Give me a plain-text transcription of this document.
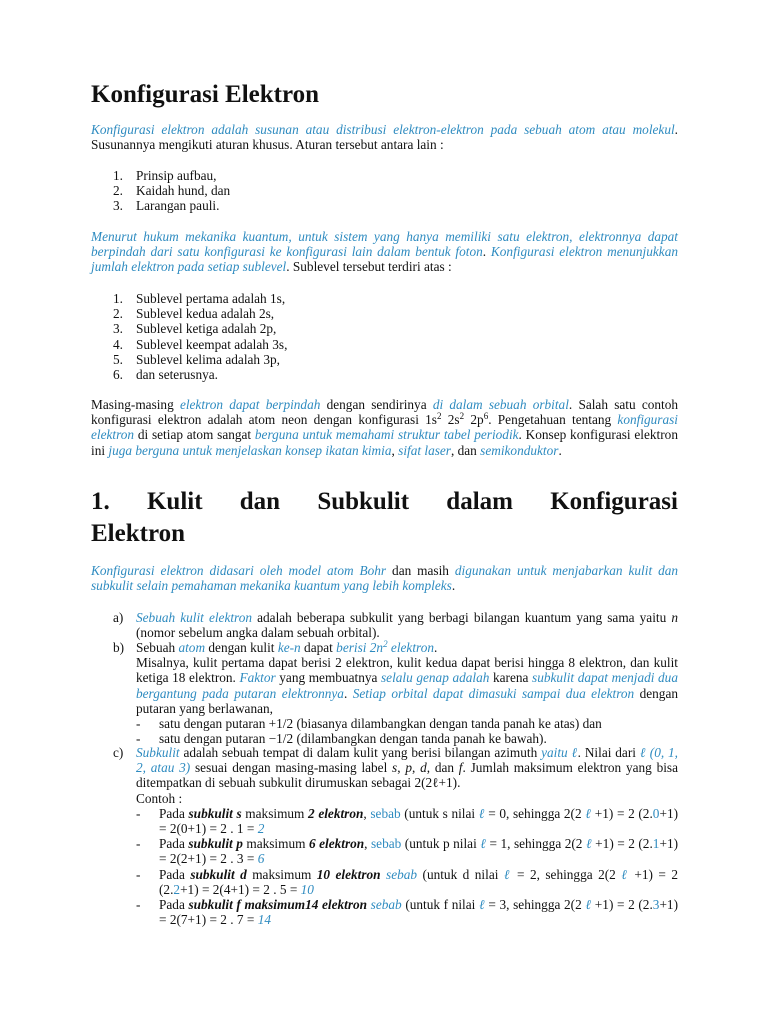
Konfigurasi Elektron

Konfigurasi elektron adalah susunan atau distribusi elektron-elektron pada sebuah atom atau molekul. Susunannya mengikuti aturan khusus. Aturan tersebut antara lain :

1. Prinsip aufbau,
2. Kaidah hund, dan
3. Larangan pauli.

Menurut hukum mekanika kuantum, untuk sistem yang hanya memiliki satu elektron, elektronnya dapat berpindah dari satu konfigurasi ke konfigurasi lain dalam bentuk foton. Konfigurasi elektron menunjukkan jumlah elektron pada setiap sublevel. Sublevel tersebut terdiri atas :

1. Sublevel pertama adalah 1s,
2. Sublevel kedua adalah 2s,
3. Sublevel ketiga adalah 2p,
4. Sublevel keempat adalah 3s,
5. Sublevel kelima adalah 3p,
6. dan seterusnya.

Masing-masing elektron dapat berpindah dengan sendirinya di dalam sebuah orbital. Salah satu contoh konfigurasi elektron adalah atom neon dengan konfigurasi $1s^2$ $2s^2$ $2p^6$. Pengetahuan tentang konfigurasi elektron di setiap atom sangat berguna untuk memahami struktur tabel periodik. Konsep konfigurasi elektron ini juga berguna untuk menjelaskan konsep ikatan kimia, sifat laser, dan semikonduktor.

1. Kulit dan Subkulit dalam Konfigurasi
Elektron

Konfigurasi elektron didasari oleh model atom Bohr dan masih digunakan untuk menjabarkan kulit dan subkulit selain pemahaman mekanika kuantum yang lebih kompleks.

a) Sebuah kulit elektron adalah beberapa subkulit yang berbagi bilangan kuantum yang sama yaitu n (nomor sebelum angka dalam sebuah orbital).
b) Sebuah atom dengan kulit ke-n dapat berisi $2n^2$ elektron.
Misalnya, kulit pertama dapat berisi 2 elektron, kulit kedua dapat berisi hingga 8 elektron, dan kulit ketiga 18 elektron. Faktor yang membuatnya selalu genap adalah karena subkulit dapat menjadi dua bergantung pada putaran elektronnya. Setiap orbital dapat dimasuki sampai dua elektron dengan putaran yang berlawanan,
- satu dengan putaran +1/2 (biasanya dilambangkan dengan tanda panah ke atas) dan
- satu dengan putaran −1/2 (dilambangkan dengan tanda panah ke bawah).
c) Subkulit adalah sebuah tempat di dalam kulit yang berisi bilangan azimuth yaitu ℓ. Nilai dari ℓ (0, 1, 2, atau 3) sesuai dengan masing-masing label s, p, d, dan f. Jumlah maksimum elektron yang bisa ditempatkan di sebuah subkulit dirumuskan sebagai 2(2ℓ+1).
Contoh :
- Pada subkulit s maksimum 2 elektron, sebab (untuk s nilai ℓ = 0, sehingga 2(2 ℓ +1) = 2 (2.0+1) = 2(0+1) = 2 . 1 = 2
- Pada subkulit p maksimum 6 elektron, sebab (untuk p nilai ℓ = 1, sehingga 2(2 ℓ +1) = 2 (2.1+1) = 2(2+1) = 2 . 3 = 6
- Pada subkulit d maksimum 10 elektron sebab (untuk d nilai ℓ = 2, sehingga 2(2 ℓ +1) = 2 (2.2+1) = 2(4+1) = 2 . 5 = 10
- Pada subkulit f maksimum14 elektron sebab (untuk f nilai ℓ = 3, sehingga 2(2 ℓ +1) = 2 (2.3+1) = 2(7+1) = 2 . 7 = 14
